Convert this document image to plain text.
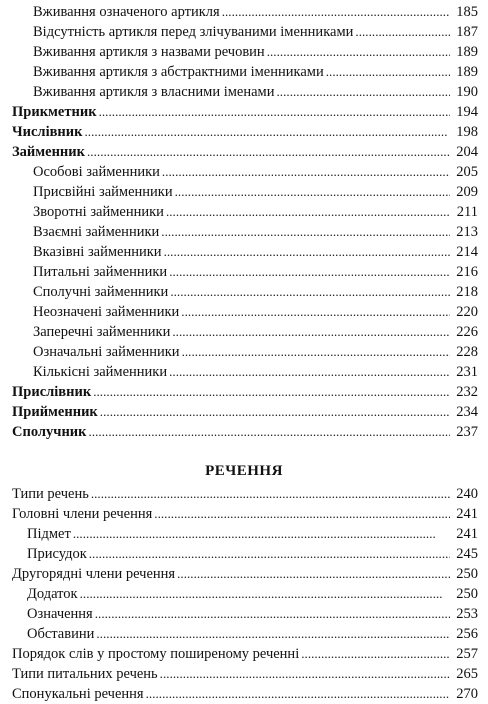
Вживання означеного артикля . . .	185
Відсутність артикля перед злічуваними іменниками . . .	187
Вживання артикля з назвами речовин . . .	189
Вживання артикля з абстрактними іменниками . . .	189
Вживання артикля з власними іменами . . .	190
Прикметник . . .	194
Числівник . . .	198
Займенник . . .	204
Особові займенники . . .	205
Присвійні займенники . . .	209
Зворотні займенники . . .	211
Взаємні займенники . . .	213
Вказівні займенники . . .	214
Питальні займенники . . .	216
Сполучні займенники . . .	218
Неозначені займенники . . .	220
Заперечні займенники . . .	226
Означальні займенники . . .	228
Кількісні займенники . . .	231
Прислівник . . .	232
Прийменник . . .	234
Сполучник . . .	237
РЕЧЕННЯ
Типи речень . . .	240
Головні члени речення . . .	241
Підмет . . .	241
Присудок . . .	245
Другорядні члени речення . . .	250
Додаток . . .	250
Означення . . .	253
Обставини . . .	256
Порядок слів у простому поширеному реченні . . .	257
Типи питальних речень . . .	265
Спонукальні речення . . .	270
